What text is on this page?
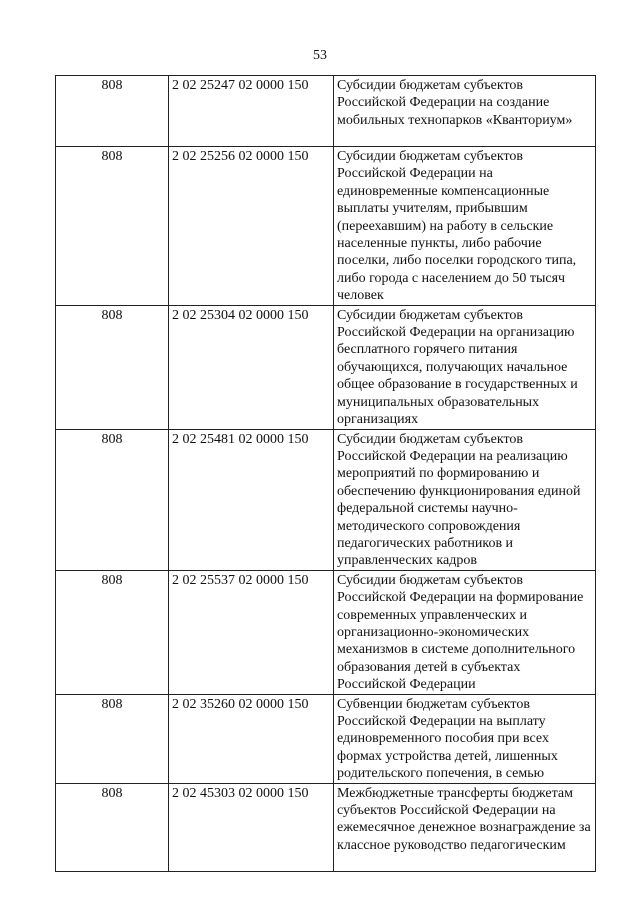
53
808	2 02 25247 02 0000 150	Субсидии бюджетам субъектов Российской Федерации на создание мобильных технопарков «Кванториум»
808	2 02 25256 02 0000 150	Субсидии бюджетам субъектов Российской Федерации на единовременные компенсационные выплаты учителям, прибывшим (переехавшим) на работу в сельские населенные пункты, либо рабочие поселки, либо поселки городского типа, либо города с населением до 50 тысяч человек
808	2 02 25304 02 0000 150	Субсидии бюджетам субъектов Российской Федерации на организацию бесплатного горячего питания обучающихся, получающих начальное общее образование в государственных и муниципальных образовательных организациях
808	2 02 25481 02 0000 150	Субсидии бюджетам субъектов Российской Федерации на реализацию мероприятий по формированию и обеспечению функционирования единой федеральной системы научно-методического сопровождения педагогических работников и управленческих кадров
808	2 02 25537 02 0000 150	Субсидии бюджетам субъектов Российской Федерации на формирование современных управленческих и организационно-экономических механизмов в системе дополнительного образования детей в субъектах Российской Федерации
808	2 02 35260 02 0000 150	Субвенции бюджетам субъектов Российской Федерации на выплату единовременного пособия при всех формах устройства детей, лишенных родительского попечения, в семью
808	2 02 45303 02 0000 150	Межбюджетные трансферты бюджетам субъектов Российской Федерации на ежемесячное денежное вознаграждение за классное руководство педагогическим
